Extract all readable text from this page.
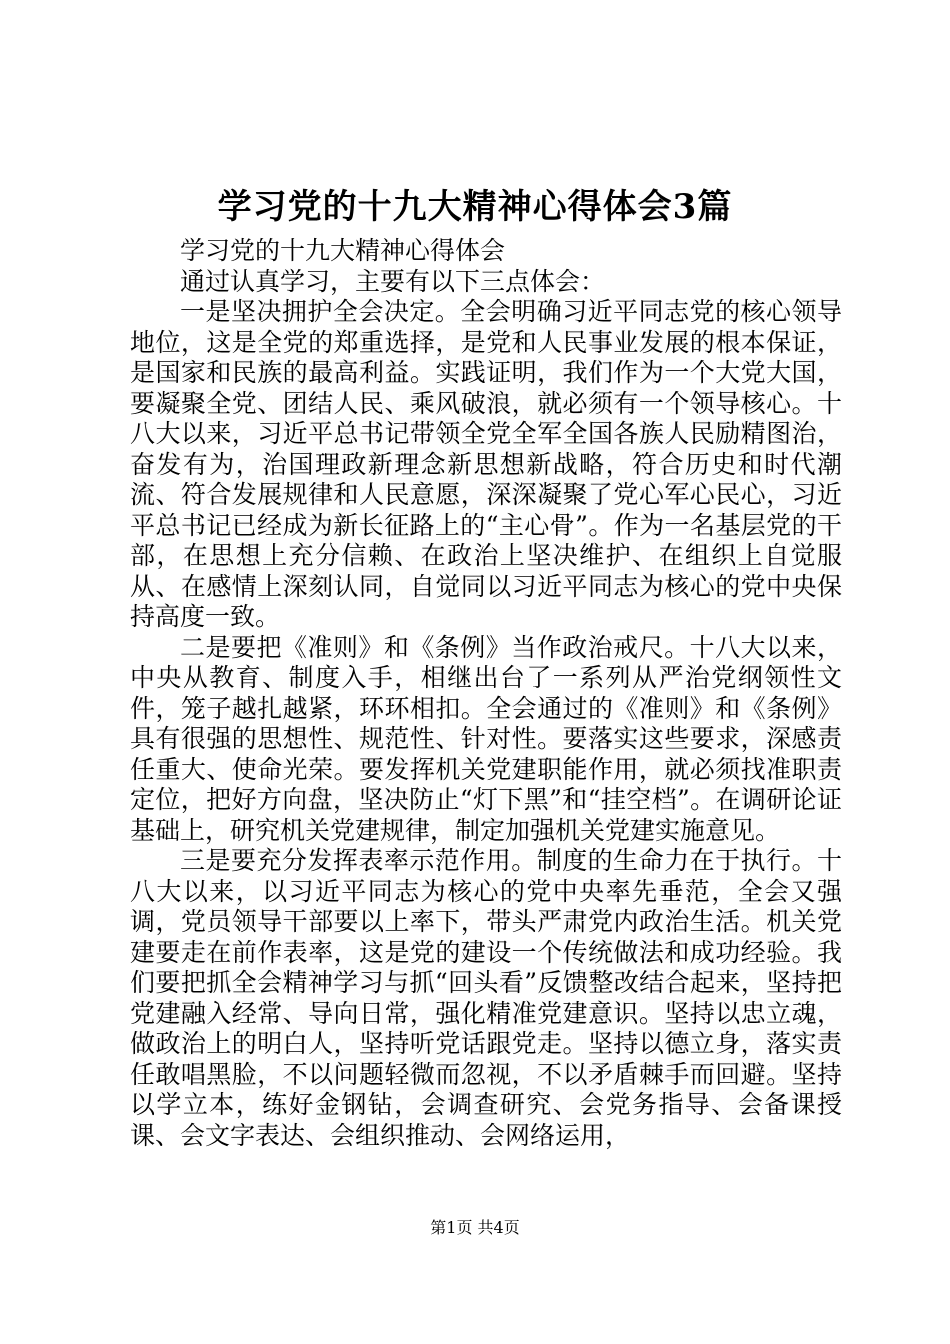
学习党的十九大精神心得体会3篇

学习党的十九大精神心得体会

通过认真学习，主要有以下三点体会：

一是坚决拥护全会决定。全会明确习近平同志党的核心领导地位，这是全党的郑重选择，是党和人民事业发展的根本保证，是国家和民族的最高利益。实践证明，我们作为一个大党大国，要凝聚全党、团结人民、乘风破浪，就必须有一个领导核心。十八大以来，习近平总书记带领全党全军全国各族人民励精图治，奋发有为，治国理政新理念新思想新战略，符合历史和时代潮流、符合发展规律和人民意愿，深深凝聚了党心军心民心，习近平总书记已经成为新长征路上的“主心骨”。作为一名基层党的干部，在思想上充分信赖、在政治上坚决维护、在组织上自觉服从、在感情上深刻认同，自觉同以习近平同志为核心的党中央保持高度一致。

二是要把《准则》和《条例》当作政治戒尺。十八大以来，中央从教育、制度入手，相继出台了一系列从严治党纲领性文件，笼子越扎越紧，环环相扣。全会通过的《准则》和《条例》具有很强的思想性、规范性、针对性。要落实这些要求，深感责任重大、使命光荣。要发挥机关党建职能作用，就必须找准职责定位，把好方向盘，坚决防止“灯下黑”和“挂空档”。在调研论证基础上，研究机关党建规律，制定加强机关党建实施意见。

三是要充分发挥表率示范作用。制度的生命力在于执行。十八大以来，以习近平同志为核心的党中央率先垂范，全会又强调，党员领导干部要以上率下，带头严肃党内政治生活。机关党建要走在前作表率，这是党的建设一个传统做法和成功经验。我们要把抓全会精神学习与抓“回头看”反馈整改结合起来，坚持把党建融入经常、导向日常，强化精准党建意识。坚持以忠立魂，做政治上的明白人，坚持听党话跟党走。坚持以德立身，落实责任敢唱黑脸，不以问题轻微而忽视，不以矛盾棘手而回避。坚持以学立本，练好金钢钻，会调查研究、会党务指导、会备课授课、会文字表达、会组织推动、会网络运用，

第1页 共4页
